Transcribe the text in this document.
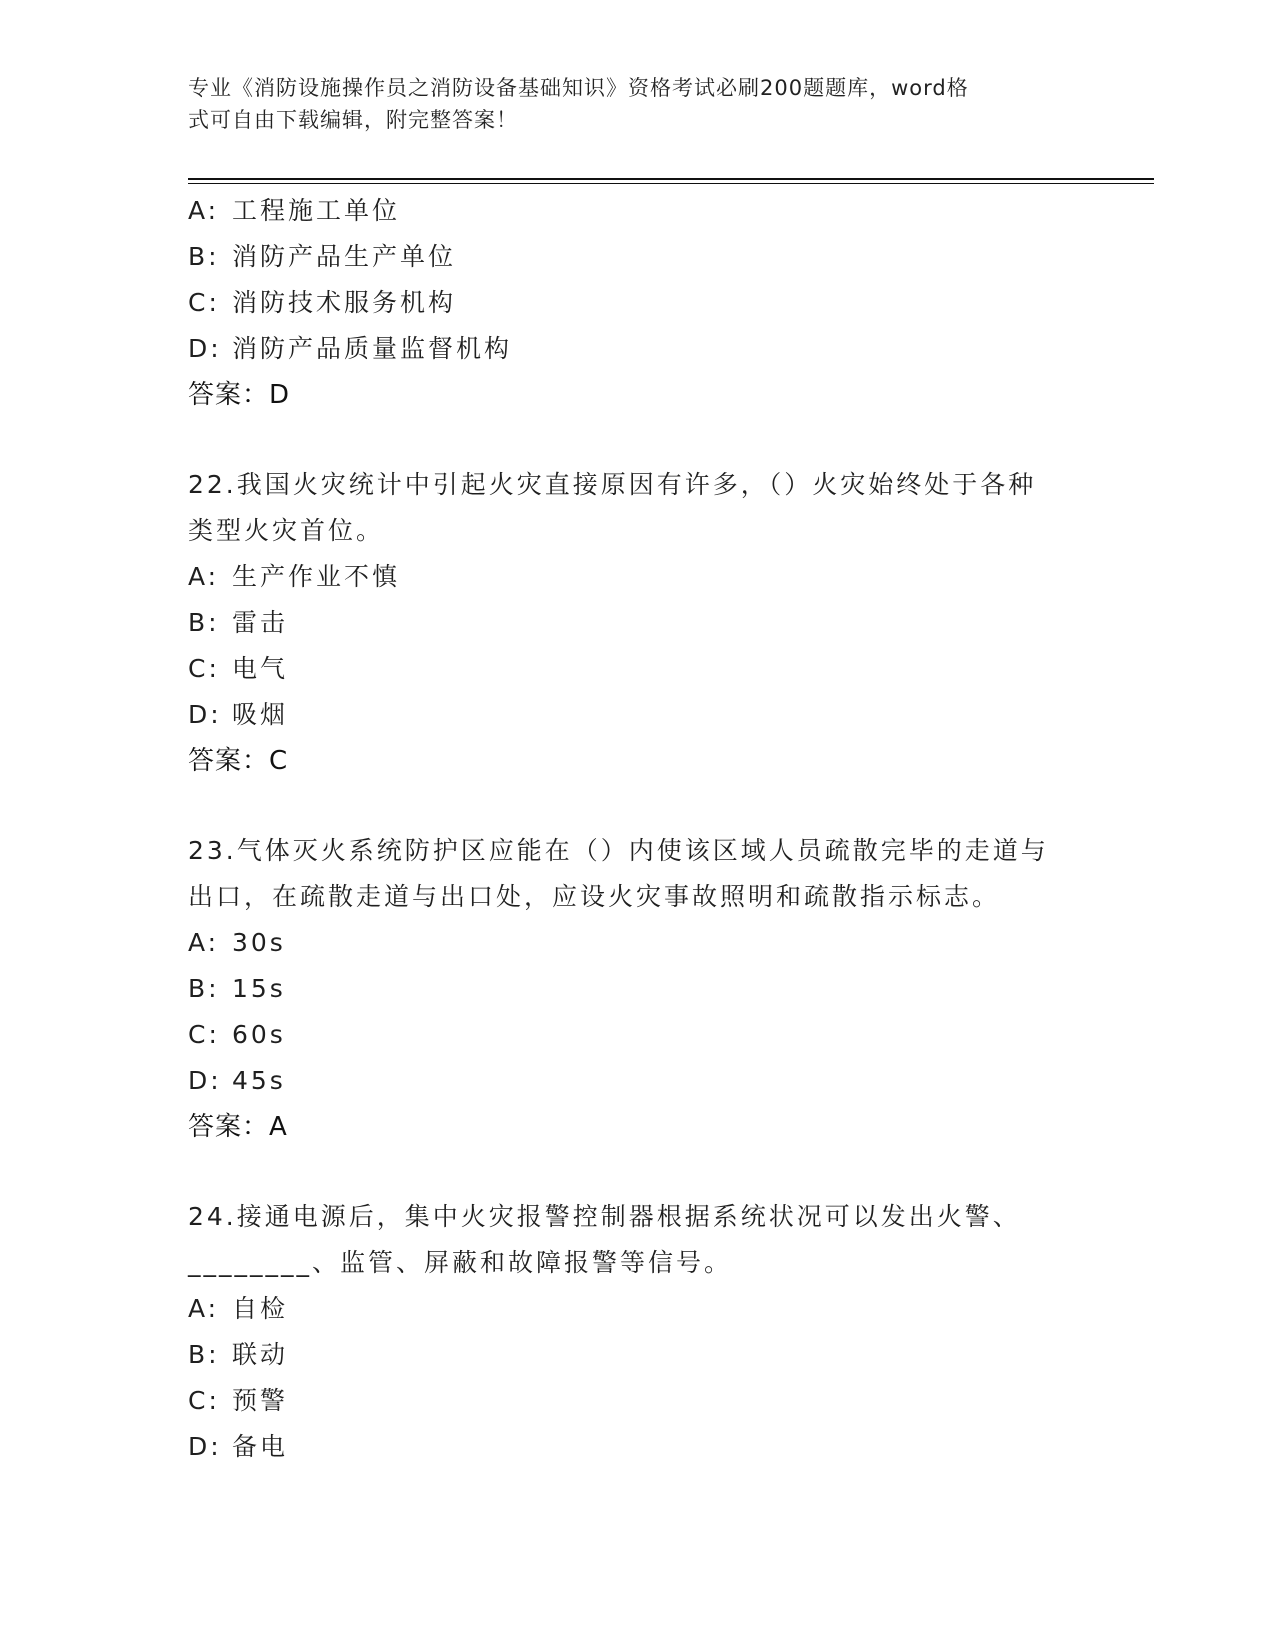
专业《消防设施操作员之消防设备基础知识》资格考试必刷200题题库，word格
式可自由下载编辑，附完整答案！
A: 工程施工单位
B: 消防产品生产单位
C: 消防技术服务机构
D: 消防产品质量监督机构
答案：D
22.我国火灾统计中引起火灾直接原因有许多，（）火灾始终处于各种
类型火灾首位。
A: 生产作业不慎
B: 雷击
C: 电气
D: 吸烟
答案：C
23.气体灭火系统防护区应能在（）内使该区域人员疏散完毕的走道与
出口，在疏散走道与出口处，应设火灾事故照明和疏散指示标志。
A: 30s
B: 15s
C: 60s
D: 45s
答案：A
24.接通电源后，集中火灾报警控制器根据系统状况可以发出火警、
________、监管、屏蔽和故障报警等信号。
A: 自检
B: 联动
C: 预警
D: 备电
